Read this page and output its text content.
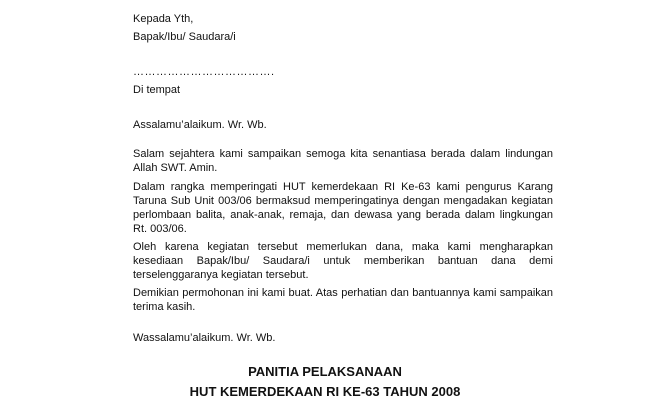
Kepada Yth,
Bapak/Ibu/ Saudara/i
……………………………….
Di tempat
Assalamu’alaikum. Wr. Wb.
Salam sejahtera kami sampaikan semoga kita senantiasa berada dalam lindungan Allah SWT. Amin.
Dalam rangka memperingati HUT kemerdekaan RI Ke-63 kami pengurus Karang Taruna Sub Unit 003/06 bermaksud memperingatinya dengan mengadakan kegiatan perlombaan balita, anak-anak, remaja, dan dewasa yang berada dalam lingkungan Rt. 003/06.
Oleh karena kegiatan tersebut memerlukan dana, maka kami mengharapkan kesediaan Bapak/Ibu/ Saudara/i untuk memberikan bantuan dana demi terselenggaranya kegiatan tersebut.
Demikian permohonan ini kami buat. Atas perhatian dan bantuannya kami sampaikan terima kasih.
Wassalamu’alaikum. Wr. Wb.
PANITIA PELAKSANAAN
HUT KEMERDEKAAN RI KE-63 TAHUN 2008
